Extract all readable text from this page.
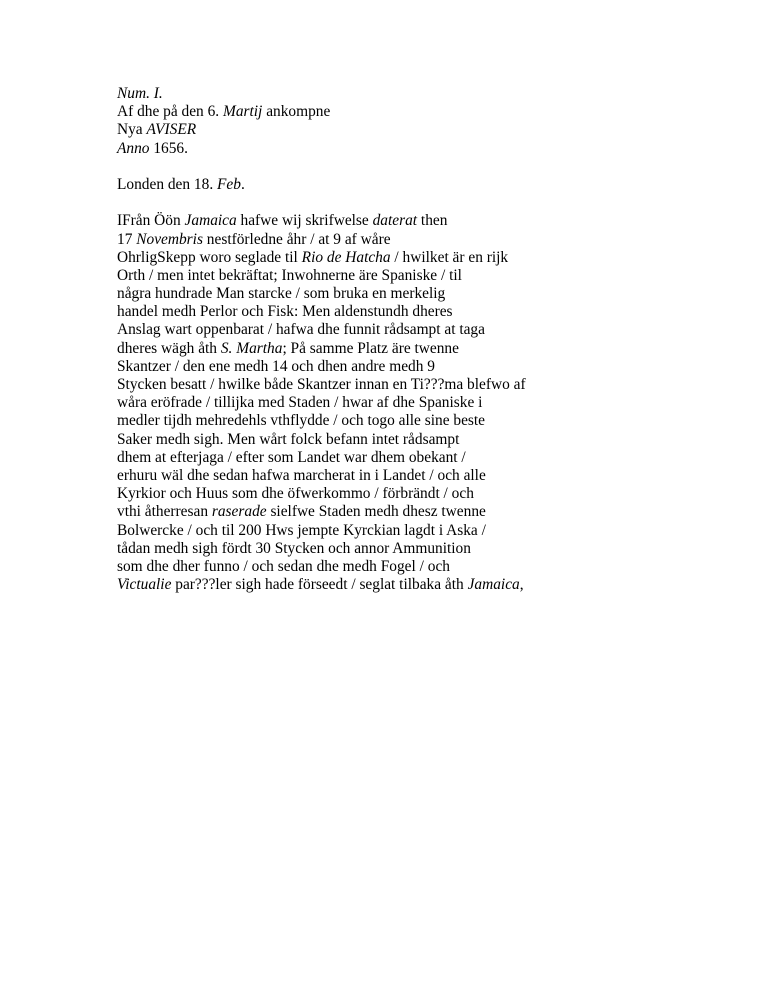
Num. I.
Af dhe på den 6. Martij ankompne
Nya AVISER
Anno 1656.
Londen den 18. Feb.
IFrån Öön Jamaica hafwe wij skrifwelse daterat then
17 Novembris nestförledne åhr / at 9 af wåre
OhrligSkepp woro seglade til Rio de Hatcha / hwilket är en rijk
Orth / men intet bekräftat; Inwohnerne äre Spaniske / til
några hundrade Man starcke / som bruka en merkelig
handel medh Perlor och Fisk: Men aldenstundh dheres
Anslag wart oppenbarat / hafwa dhe funnit rådsampt at taga
dheres wägh åth S. Martha; På samme Platz äre twenne
Skantzer / den ene medh 14 och dhen andre medh 9
Stycken besatt / hwilke både Skantzer innan en Ti???ma blefwo af
wåra eröfrade / tillijka med Staden / hwar af dhe Spaniske i
medler tijdh mehredehls vthflydde / och togo alle sine beste
Saker medh sigh. Men wårt folck befann intet rådsampt
dhem at efterjaga / efter som Landet war dhem obekant /
erhuru wäl dhe sedan hafwa marcherat in i Landet / och alle
Kyrkior och Huus som dhe öfwerkommo / förbrändt / och
vthi åtherresan raserade sielfwe Staden medh dhesz twenne
Bolwercke / och til 200 Hws jempte Kyrckian lagdt i Aska /
tådan medh sigh fördt 30 Stycken och annor Ammunition
som dhe dher funno / och sedan dhe medh Fogel / och
Victualie par???ler sigh hade förseedt / seglat tilbaka åth Jamaica,
